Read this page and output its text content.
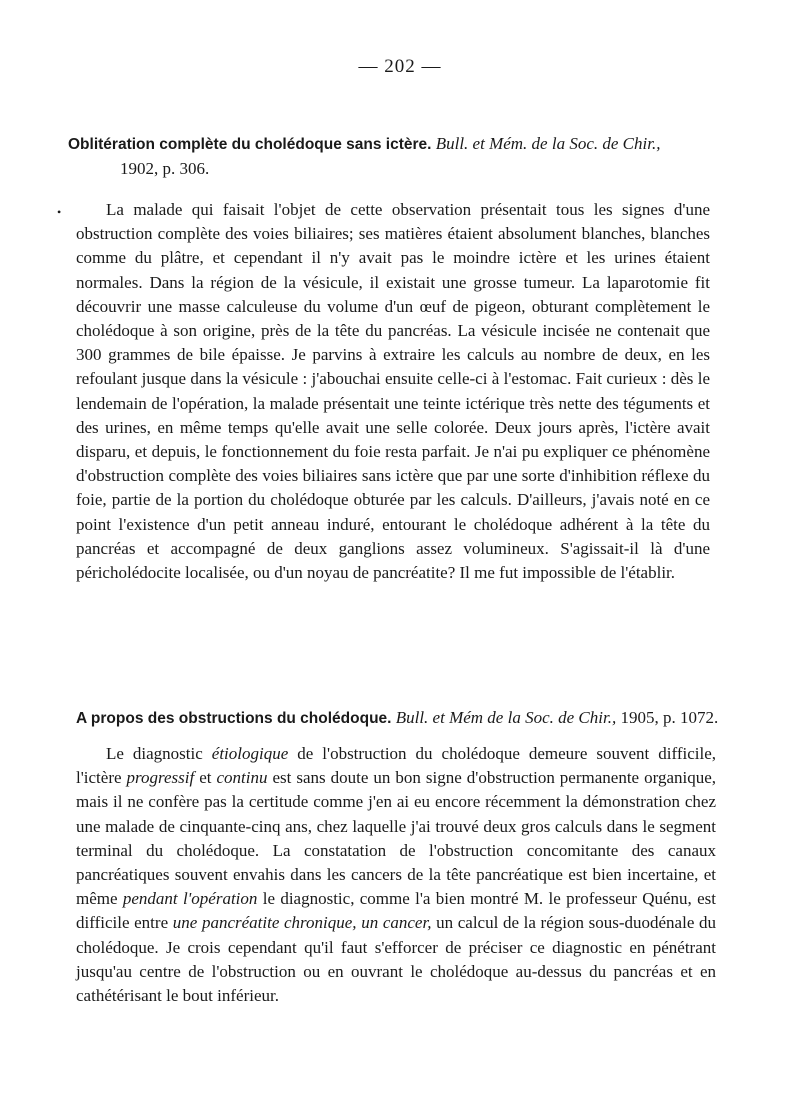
— 202 —
Oblitération complète du cholédoque sans ictère. Bull. et Mém. de la Soc. de Chir.,
1902, p. 306.
•	La malade qui faisait l'objet de cette observation présentait tous les signes d'une obstruction complète des voies biliaires; ses matières étaient absolument blanches, blanches comme du plâtre, et cependant il n'y avait pas le moindre ictère et les urines étaient normales. Dans la région de la vésicule, il existait une grosse tumeur. La laparotomie fit découvrir une masse calculeuse du volume d'un œuf de pigeon, obturant complètement le cholédoque à son origine, près de la tête du pancréas. La vésicule incisée ne contenait que 300 grammes de bile épaisse. Je parvins à extraire les calculs au nombre de deux, en les refoulant jusque dans la vésicule : j'abouchai ensuite celle-ci à l'estomac. Fait curieux : dès le lendemain de l'opération, la malade présentait une teinte ictérique très nette des téguments et des urines, en même temps qu'elle avait une selle colorée. Deux jours après, l'ictère avait disparu, et depuis, le fonctionnement du foie resta parfait. Je n'ai pu expliquer ce phénomène d'obstruction complète des voies biliaires sans ictère que par une sorte d'inhibition réflexe du foie, partie de la portion du cholédoque obturée par les calculs. D'ailleurs, j'avais noté en ce point l'existence d'un petit anneau induré, entourant le cholédoque adhérent à la tête du pancréas et accompagné de deux ganglions assez volumineux. S'agissait-il là d'une péricholédocite localisée, ou d'un noyau de pancréatite? Il me fut impossible de l'établir.

A propos des obstructions du cholédoque. Bull. et Mém de la Soc. de Chir., 1905, p. 1072.

Le diagnostic étiologique de l'obstruction du cholédoque demeure souvent difficile, l'ictère progressif et continu est sans doute un bon signe d'obstruction permanente organique, mais il ne confère pas la certitude comme j'en ai eu encore récemment la démonstration chez une malade de cinquante-cinq ans, chez laquelle j'ai trouvé deux gros calculs dans le segment terminal du cholédoque. La constatation de l'obstruction concomitante des canaux pancréatiques souvent envahis dans les cancers de la tête pancréatique est bien incertaine, et même pendant l'opération le diagnostic, comme l'a bien montré M. le professeur Quénu, est difficile entre une pancréatite chronique, un cancer, un calcul de la région sous-duodénale du cholédoque. Je crois cependant qu'il faut s'efforcer de préciser ce diagnostic en pénétrant jusqu'au centre de l'obstruction ou en ouvrant le cholédoque au-dessus du pancréas et en cathétérisant le bout inférieur.
